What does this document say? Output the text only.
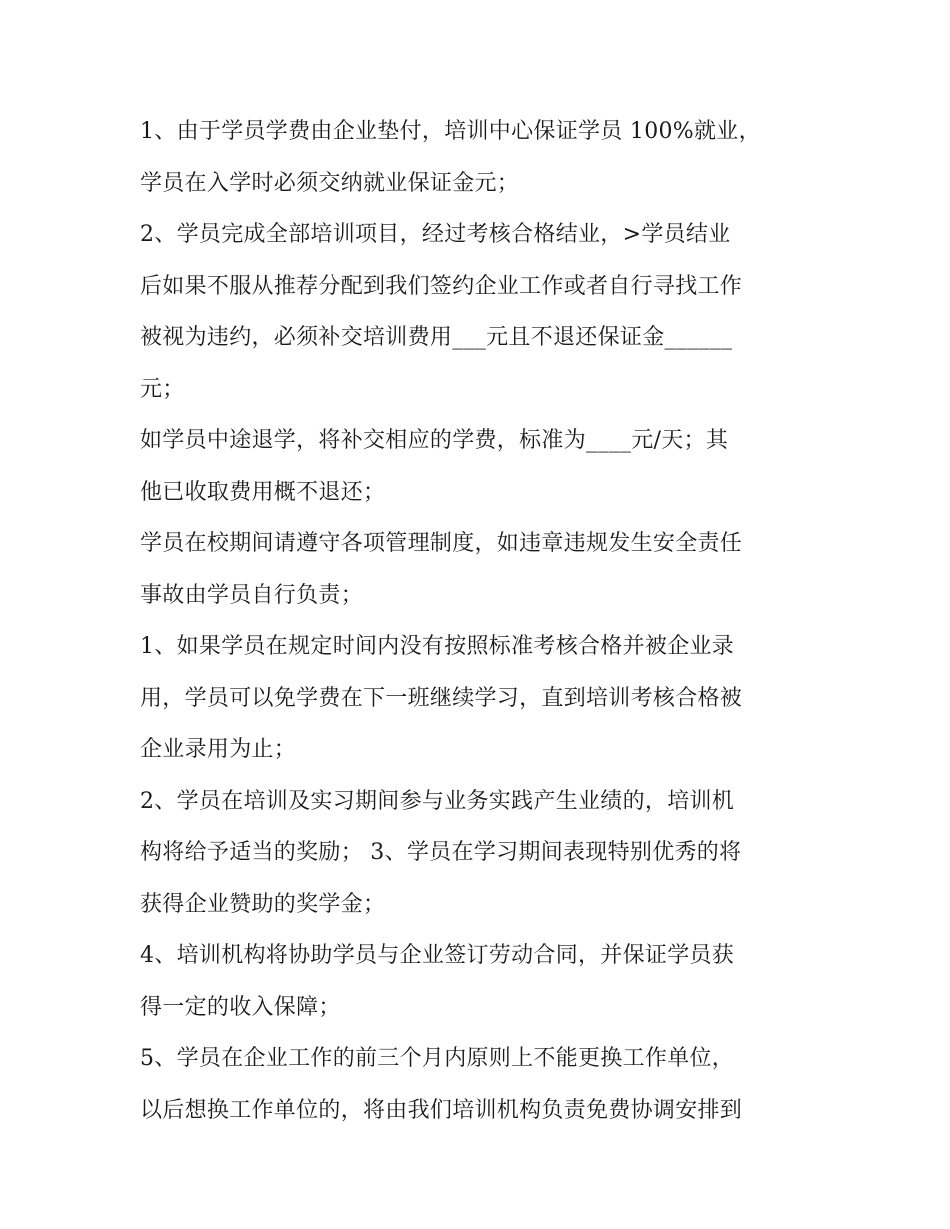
1、由于学员学费由企业垫付，培训中心保证学员 100%就业，
学员在入学时必须交纳就业保证金元；
2、学员完成全部培训项目，经过考核合格结业，>学员结业
后如果不服从推荐分配到我们签约企业工作或者自行寻找工作
被视为违约，必须补交培训费用___元且不退还保证金______
元；
如学员中途退学，将补交相应的学费，标准为____元/天；其
他已收取费用概不退还；
学员在校期间请遵守各项管理制度，如违章违规发生安全责任
事故由学员自行负责；
1、如果学员在规定时间内没有按照标准考核合格并被企业录
用，学员可以免学费在下一班继续学习，直到培训考核合格被
企业录用为止；
2、学员在培训及实习期间参与业务实践产生业绩的，培训机
构将给予适当的奖励； 3、学员在学习期间表现特别优秀的将
获得企业赞助的奖学金；
4、培训机构将协助学员与企业签订劳动合同，并保证学员获
得一定的收入保障；
5、学员在企业工作的前三个月内原则上不能更换工作单位，
以后想换工作单位的，将由我们培训机构负责免费协调安排到
